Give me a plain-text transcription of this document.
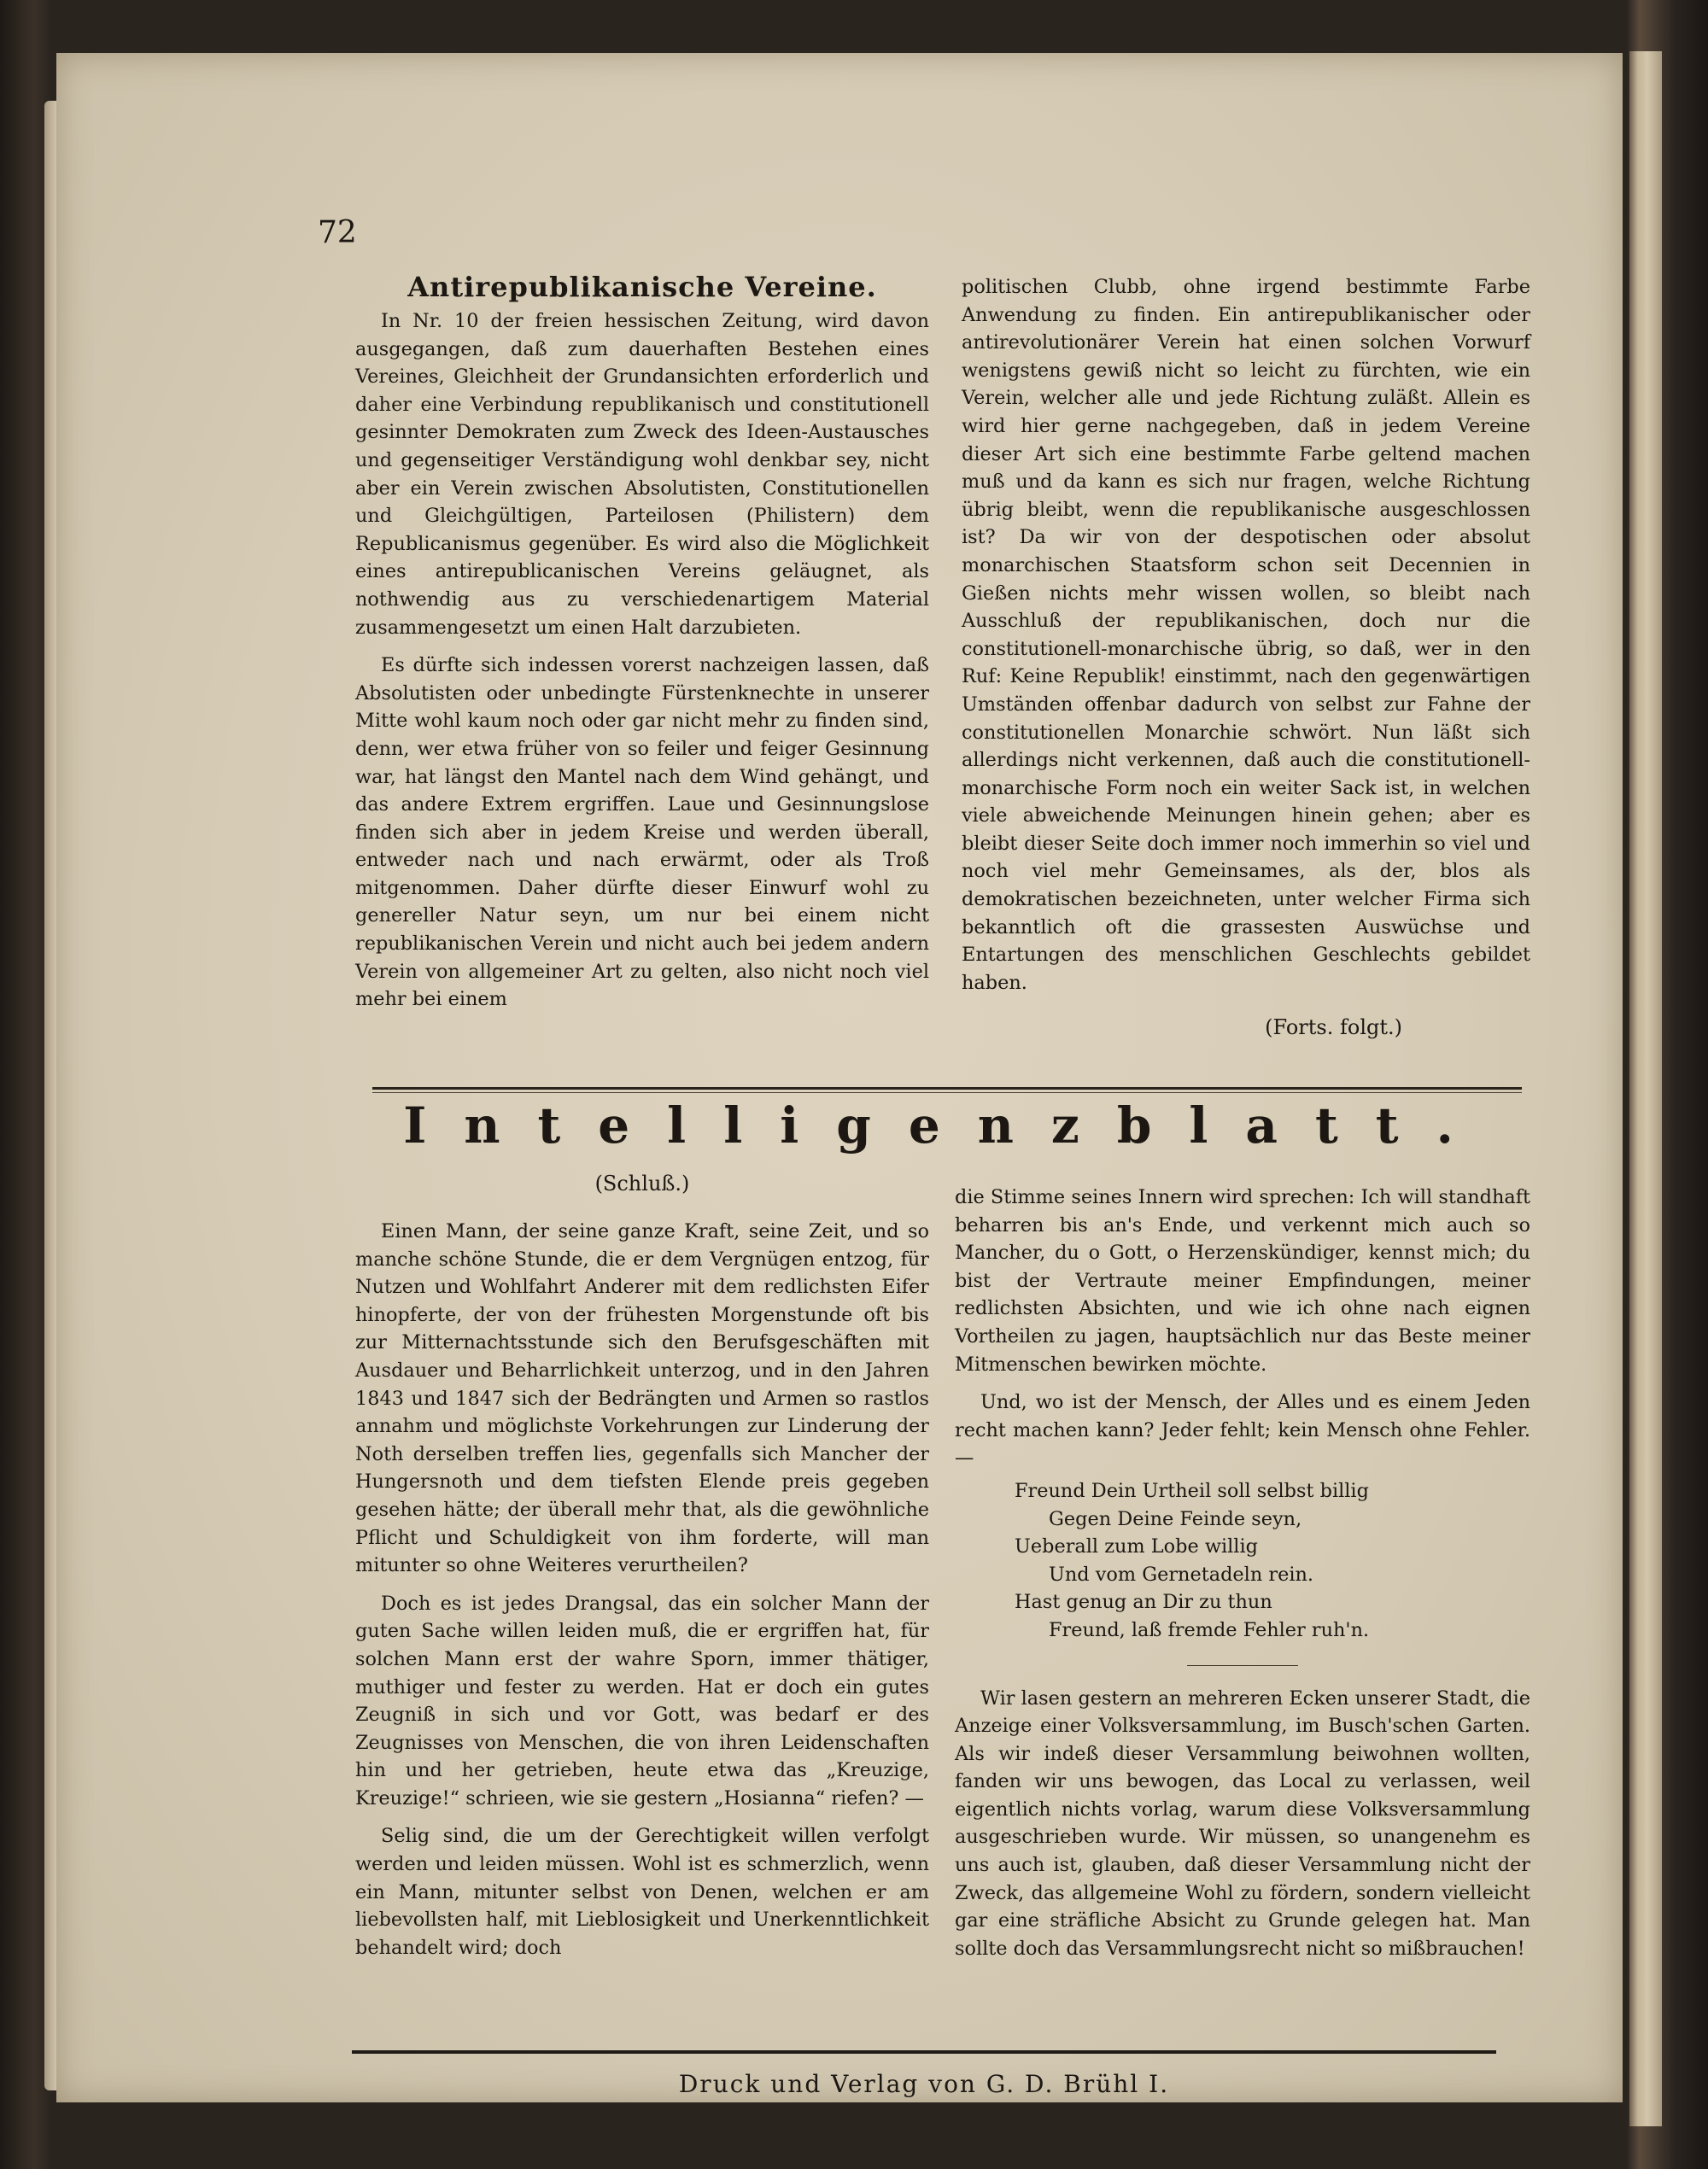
72
Antirepublikanische Vereine.

In Nr. 10 der freien hessischen Zeitung, wird davon ausgegangen, daß zum dauerhaften Bestehen eines Vereines, Gleichheit der Grundansichten erforderlich und daher eine Verbindung republikanisch und constitutionell gesinnter Demokraten zum Zweck des Ideen-Austausches und gegenseitiger Verständigung wohl denkbar sey, nicht aber ein Verein zwischen Absolutisten, Constitutionellen und Gleichgültigen, Parteilosen (Philistern) dem Republicanismus gegenüber. Es wird also die Möglichkeit eines antirepublicanischen Vereins geläugnet, als nothwendig aus zu verschiedenartigem Material zusammengesetzt um einen Halt darzubieten.

Es dürfte sich indessen vorerst nachzeigen lassen, daß Absolutisten oder unbedingte Fürstenknechte in unserer Mitte wohl kaum noch oder gar nicht mehr zu finden sind, denn, wer etwa früher von so feiler und feiger Gesinnung war, hat längst den Mantel nach dem Wind gehängt, und das andere Extrem ergriffen. Laue und Gesinnungslose finden sich aber in jedem Kreise und werden überall, entweder nach und nach erwärmt, oder als Troß mitgenommen. Daher dürfte dieser Einwurf wohl zu genereller Natur seyn, um nur bei einem nicht republikanischen Verein und nicht auch bei jedem andern Verein von allgemeiner Art zu gelten, also nicht noch viel mehr bei einem

politischen Clubb, ohne irgend bestimmte Farbe Anwendung zu finden. Ein antirepublikanischer oder antirevolutionärer Verein hat einen solchen Vorwurf wenigstens gewiß nicht so leicht zu fürchten, wie ein Verein, welcher alle und jede Richtung zuläßt. Allein es wird hier gerne nachgegeben, daß in jedem Vereine dieser Art sich eine bestimmte Farbe geltend machen muß und da kann es sich nur fragen, welche Richtung übrig bleibt, wenn die republikanische ausgeschlossen ist? Da wir von der despotischen oder absolut monarchischen Staatsform schon seit Decennien in Gießen nichts mehr wissen wollen, so bleibt nach Ausschluß der republikanischen, doch nur die constitutionell-monarchische übrig, so daß, wer in den Ruf: Keine Republik! einstimmt, nach den gegenwärtigen Umständen offenbar dadurch von selbst zur Fahne der constitutionellen Monarchie schwört. Nun läßt sich allerdings nicht verkennen, daß auch die constitutionell-monarchische Form noch ein weiter Sack ist, in welchen viele abweichende Meinungen hinein gehen; aber es bleibt dieser Seite doch immer noch immerhin so viel und noch viel mehr Gemeinsames, als der, blos als demokratischen bezeichneten, unter welcher Firma sich bekanntlich oft die grassesten Auswüchse und Entartungen des menschlichen Geschlechts gebildet haben.

(Forts. folgt.)
Intelligenzblatt.
(Schluß.)

Einen Mann, der seine ganze Kraft, seine Zeit, und so manche schöne Stunde, die er dem Vergnügen entzog, für Nutzen und Wohlfahrt Anderer mit dem redlichsten Eifer hinopferte, der von der frühesten Morgenstunde oft bis zur Mitternachtsstunde sich den Berufsgeschäften mit Ausdauer und Beharrlichkeit unterzog, und in den Jahren 1843 und 1847 sich der Bedrängten und Armen so rastlos annahm und möglichste Vorkehrungen zur Linderung der Noth derselben treffen lies, gegenfalls sich Mancher der Hungersnoth und dem tiefsten Elende preis gegeben gesehen hätte; der überall mehr that, als die gewöhnliche Pflicht und Schuldigkeit von ihm forderte, will man mitunter so ohne Weiteres verurtheilen?

Doch es ist jedes Drangsal, das ein solcher Mann der guten Sache willen leiden muß, die er ergriffen hat, für solchen Mann erst der wahre Sporn, immer thätiger, muthiger und fester zu werden. Hat er doch ein gutes Zeugniß in sich und vor Gott, was bedarf er des Zeugnisses von Menschen, die von ihren Leidenschaften hin und her getrieben, heute etwa das „Kreuzige, Kreuzige!“ schrieen, wie sie gestern „Hosianna“ riefen? —

Selig sind, die um der Gerechtigkeit willen verfolgt werden und leiden müssen. Wohl ist es schmerzlich, wenn ein Mann, mitunter selbst von Denen, welchen er am liebevollsten half, mit Lieblosigkeit und Unerkenntlichkeit behandelt wird; doch

die Stimme seines Innern wird sprechen: Ich will standhaft beharren bis an's Ende, und verkennt mich auch so Mancher, du o Gott, o Herzenskündiger, kennst mich; du bist der Vertraute meiner Empfindungen, meiner redlichsten Absichten, und wie ich ohne nach eignen Vortheilen zu jagen, hauptsächlich nur das Beste meiner Mitmenschen bewirken möchte.

Und, wo ist der Mensch, der Alles und es einem Jeden recht machen kann? Jeder fehlt; kein Mensch ohne Fehler. —

Freund Dein Urtheil soll selbst billig
Gegen Deine Feinde seyn,
Ueberall zum Lobe willig
Und vom Gernetadeln rein.
Hast genug an Dir zu thun
Freund, laß fremde Fehler ruh'n.

Wir lasen gestern an mehreren Ecken unserer Stadt, die Anzeige einer Volksversammlung, im Busch'schen Garten. Als wir indeß dieser Versammlung beiwohnen wollten, fanden wir uns bewogen, das Local zu verlassen, weil eigentlich nichts vorlag, warum diese Volksversammlung ausgeschrieben wurde. Wir müssen, so unangenehm es uns auch ist, glauben, daß dieser Versammlung nicht der Zweck, das allgemeine Wohl zu fördern, sondern vielleicht gar eine sträfliche Absicht zu Grunde gelegen hat. Man sollte doch das Versammlungsrecht nicht so mißbrauchen!

Druck und Verlag von G. D. Brühl I.
